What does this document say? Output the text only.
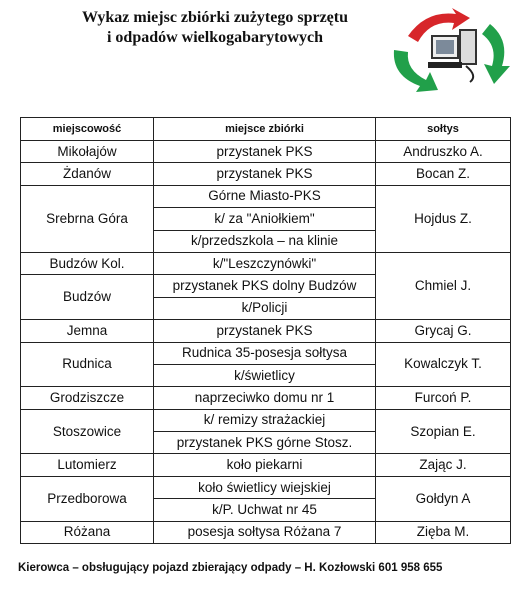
Wykaz miejsc zbiórki zużytego sprzętu
i odpadów wielkogabarytowych
miejscowość	miejsce zbiórki	sołtys
Mikołajów	przystanek PKS	Andruszko A.
Żdanów	przystanek PKS	Bocan Z.
Srebrna Góra	Górne Miasto-PKS	Hojdus Z.
	k/ za "Aniołkiem"	
	k/przedszkola – na klinie	
Budzów Kol.	k/"Leszczynówki"	Chmiel J.
Budzów	przystanek PKS dolny Budzów	
	k/Policji	
Jemna	przystanek PKS	Grycaj G.
Rudnica	Rudnica 35-posesja sołtysa	Kowalczyk T.
	k/świetlicy	
Grodziszcze	naprzeciwko domu nr 1	Furcoń P.
Stoszowice	k/ remizy strażackiej	Szopian E.
	przystanek PKS górne Stosz.	
Lutomierz	koło piekarni	Zając J.
Przedborowa	koło świetlicy wiejskiej	Gołdyn A
	k/P. Uchwat nr 45	
Różana	posesja sołtysa Różana 7	Zięba M.
Kierowca – obsługujący pojazd zbierający odpady – H. Kozłowski 601 958 655
